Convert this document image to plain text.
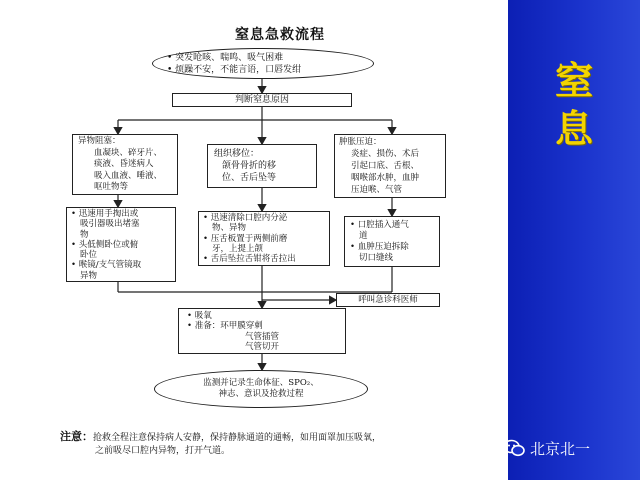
窒
息
窒息急救流程
• 突发呛咳、喘鸣、吸气困难
• 烦躁不安，不能言语，口唇发绀
判断窒息原因
异物阻塞：
血凝块、碎牙片、
痰液、昏迷病人
吸入血液、唾液、
呕吐物等
组织移位：
颌骨骨折的移
位、舌后坠等
肿胀压迫：
炎症、损伤、术后
引起口底、舌根、
咽喉部水肿，血肿
压迫喉、气管
• 迅速用手掏出或
吸引器吸出堵塞
物
• 头低侧卧位或俯
卧位
• 喉镜/支气管镜取
异物
• 迅速清除口腔内分泌
物、异物
• 压舌板置于两侧前磨
牙，上提上颌
• 舌后坠拉舌钳将舌拉出
• 口腔插入通气
道
• 血肿压迫拆除
切口缝线
呼叫急诊科医师
• 吸氧
• 准备：环甲膜穿刺
气管插管
气管切开
监测并记录生命体征、SPO₂、
神志、意识及抢救过程
注意：抢救全程注意保持病人安静，保持静脉通道的通畅，如用面罩加压吸氧，
之前吸尽口腔内异物，打开气道。	北京北一
